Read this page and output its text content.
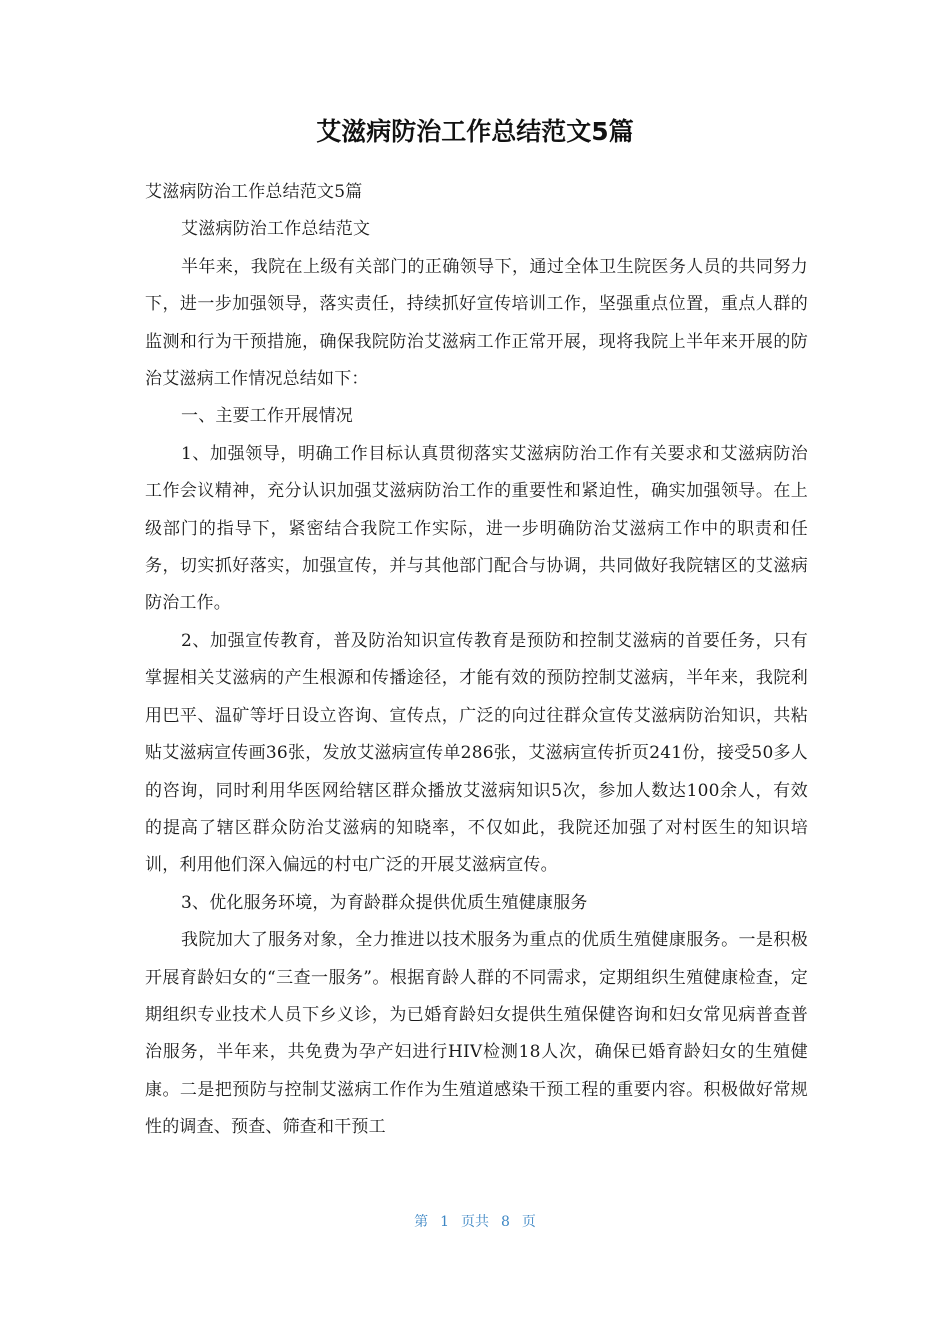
艾滋病防治工作总结范文5篇

艾滋病防治工作总结范文5篇

艾滋病防治工作总结范文

半年来，我院在上级有关部门的正确领导下，通过全体卫生院医务人员的共同努力下，进一步加强领导，落实责任，持续抓好宣传培训工作，坚强重点位置，重点人群的监测和行为干预措施，确保我院防治艾滋病工作正常开展，现将我院上半年来开展的防治艾滋病工作情况总结如下：

一、主要工作开展情况

1、加强领导，明确工作目标认真贯彻落实艾滋病防治工作有关要求和艾滋病防治工作会议精神，充分认识加强艾滋病防治工作的重要性和紧迫性，确实加强领导。在上级部门的指导下，紧密结合我院工作实际，进一步明确防治艾滋病工作中的职责和任务，切实抓好落实，加强宣传，并与其他部门配合与协调，共同做好我院辖区的艾滋病防治工作。

2、加强宣传教育，普及防治知识宣传教育是预防和控制艾滋病的首要任务，只有掌握相关艾滋病的产生根源和传播途径，才能有效的预防控制艾滋病，半年来，我院利用巴平、温矿等圩日设立咨询、宣传点，广泛的向过往群众宣传艾滋病防治知识，共粘贴艾滋病宣传画36张，发放艾滋病宣传单286张，艾滋病宣传折页241份，接受50多人的咨询，同时利用华医网给辖区群众播放艾滋病知识5次，参加人数达100余人，有效的提高了辖区群众防治艾滋病的知晓率，不仅如此，我院还加强了对村医生的知识培训，利用他们深入偏远的村屯广泛的开展艾滋病宣传。

3、优化服务环境，为育龄群众提供优质生殖健康服务

我院加大了服务对象，全力推进以技术服务为重点的优质生殖健康服务。一是积极开展育龄妇女的“三查一服务”。根据育龄人群的不同需求，定期组织生殖健康检查，定期组织专业技术人员下乡义诊，为已婚育龄妇女提供生殖保健咨询和妇女常见病普查普治服务，半年来，共免费为孕产妇进行HIV检测18人次，确保已婚育龄妇女的生殖健康。二是把预防与控制艾滋病工作作为生殖道感染干预工程的重要内容。积极做好常规性的调查、预查、筛查和干预工

第 1 页共 8 页
